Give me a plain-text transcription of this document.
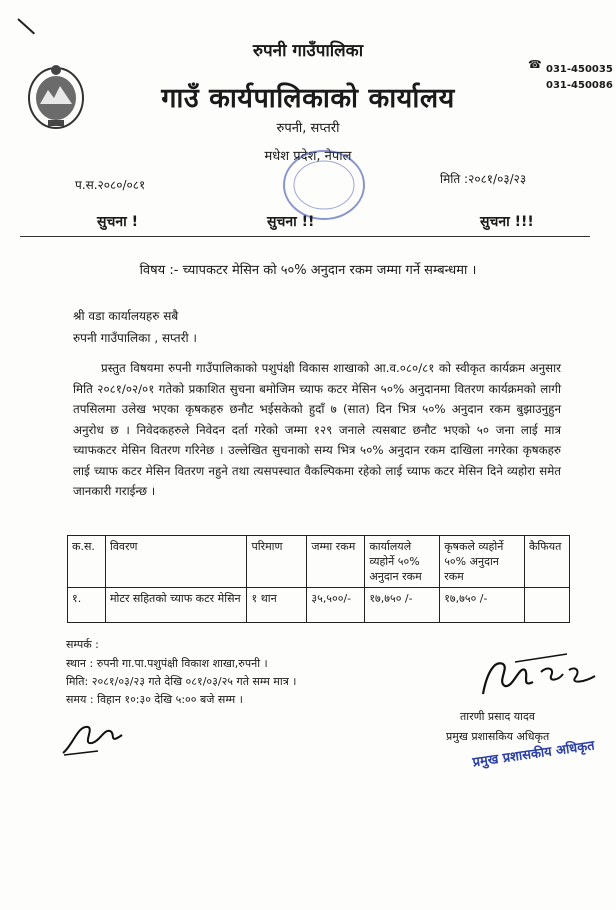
रुपनी गाउँपालिका
गाउँ कार्यपालिकाको कार्यालय
रुपनी, सप्तरी
मधेश प्रदेश, नेपाल
☎ 031-450035
031-450086
प.स.२०८०/०८१	मिति :२०८१/०३/२३
सुचना !	सुचना !!	सुचना !!!
विषय :- च्यापकटर मेसिन को ५०% अनुदान रकम जम्मा गर्ने सम्बन्धमा ।
श्री वडा कार्यालयहरु सबै
रुपनी गाउँपालिका , सप्तरी ।
प्रस्तुत विषयमा रुपनी गाउँपालिकाको पशुपंक्षी विकास शाखाको आ.व.०८०/८१ को स्वीकृत कार्यक्रम अनुसार मिति २०८१/०२/०१ गतेको प्रकाशित सुचना बमोजिम च्याफ कटर मेसिन ५०% अनुदानमा वितरण कार्यक्रमको लागी तपसिलमा उलेख भएका कृषकहरु छनौट भईसकेको हुदाँ ७ (सात) दिन भित्र ५०% अनुदान रकम बुझाउनुहुन अनुरोध छ । निवेदकहरुले निवेदन दर्ता गरेको जम्मा १२९ जनाले त्यसबाट छनौट भएको ५० जना लाई मात्र च्याफकटर मेसिन वितरण गरिनेछ । उल्लेखित सुचनाको सम्य भित्र ५०% अनुदान रकम दाखिला नगरेका कृषकहरु लाई च्याफ कटर मेसिन वितरण नहुने तथा त्यसपस्चात वैकल्पिकमा रहेको लाई च्याफ कटर मेसिन दिने व्यहोरा समेत जानकारी गराईन्छ ।
क.स.	विवरण	परिमाण	जम्मा रकम	कार्यालयले व्यहोर्ने ५०% अनुदान रकम	कृषकले व्यहोर्ने ५०% अनुदान रकम	कैफियत
१.	मोटर सहितको च्याफ कटर मेसिन	१ थान	३५,५००/-	१७,७५० /-	१७,७५० /-	
सम्पर्क :
स्थान : रुपनी गा.पा.पशुपंक्षी विकाश शाखा,रुपनी ।
मिति: २०८१/०३/२३ गते देखि ०८१/०३/२५ गते सम्म मात्र ।
समय : विहान १०:३० देखि ५:०० बजे सम्म ।
तारणी प्रसाद यादव
प्रमुख प्रशासकिय अधिकृत
प्रमुख प्रशासकीय अधिकृत
